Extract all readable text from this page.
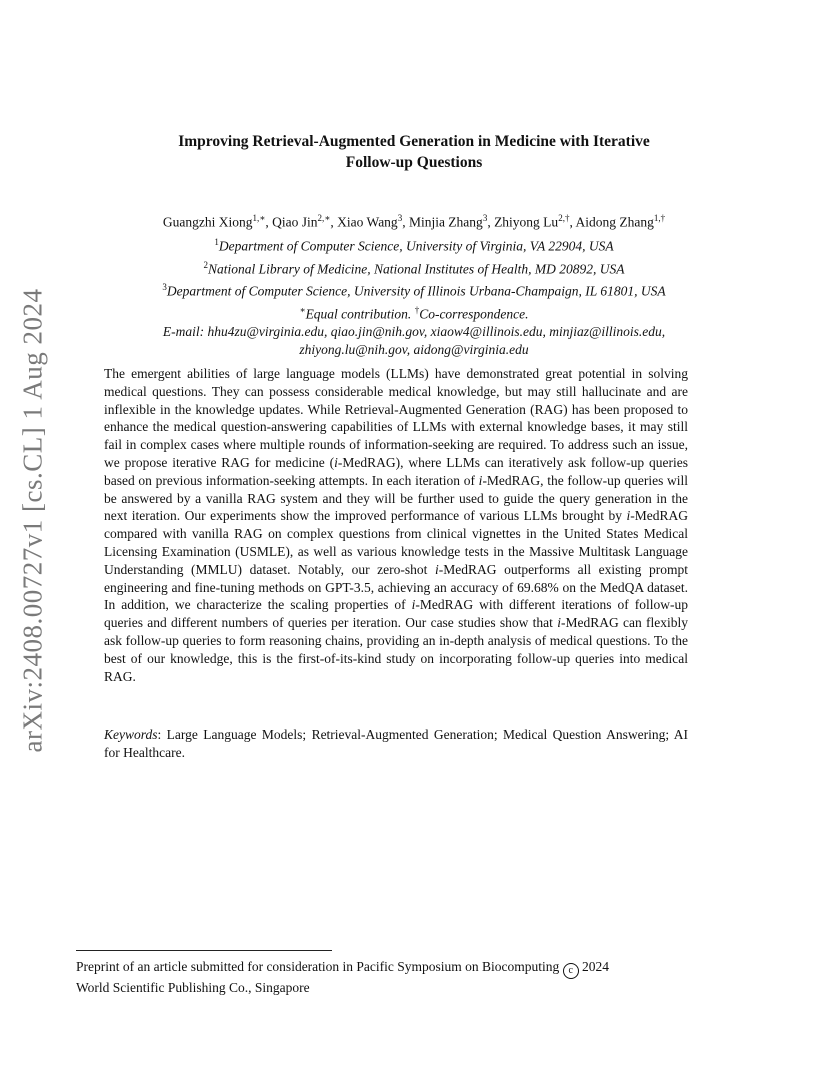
arXiv:2408.00727v1 [cs.CL] 1 Aug 2024
Improving Retrieval-Augmented Generation in Medicine with Iterative
Follow-up Questions
Guangzhi Xiong$^{1,∗}$, Qiao Jin$^{2,∗}$, Xiao Wang$^3$, Minjia Zhang$^3$, Zhiyong $Lu^{2,\dagger}$, Aidong Zhang$^{1,\dagger}$
$^1$Department of Computer Science, University of Virginia, VA 22904, USA
$^2$National Library of Medicine, National Institutes of Health, MD 20892, USA
$^3$Department of Computer Science, University of Illinois Urbana-Champaign, IL 61801, USA
∗Equal contribution. †Co-correspondence.
E-mail: hhu4zu@virginia.edu, qiao.jin@nih.gov, xiaow4@illinois.edu, minjiaz@illinois.edu,
zhiyong.lu@nih.gov, aidong@virginia.edu

The emergent abilities of large language models (LLMs) have demonstrated great potential in solving medical questions. They can possess considerable medical knowledge, but may still hallucinate and are inflexible in the knowledge updates. While Retrieval-Augmented Generation (RAG) has been proposed to enhance the medical question-answering capabilities of LLMs with external knowledge bases, it may still fail in complex cases where multiple rounds of information-seeking are required. To address such an issue, we propose iterative RAG for medicine (i-MedRAG), where LLMs can iteratively ask follow-up queries based on previous information-seeking attempts. In each iteration of i-MedRAG, the follow-up queries will be answered by a vanilla RAG system and they will be further used to guide the query generation in the next iteration. Our experiments show the improved performance of various LLMs brought by i-MedRAG compared with vanilla RAG on complex questions from clinical vignettes in the United States Medical Licensing Examination (USMLE), as well as various knowledge tests in the Massive Multitask Language Understanding (MMLU) dataset. Notably, our zero-shot i-MedRAG outperforms all existing prompt engineering and fine-tuning methods on GPT-3.5, achieving an accuracy of 69.68% on the MedQA dataset. In addition, we characterize the scaling properties of i-MedRAG with different iterations of follow-up queries and different numbers of queries per iteration. Our case studies show that i-MedRAG can flexibly ask follow-up queries to form reasoning chains, providing an in-depth analysis of medical questions. To the best of our knowledge, this is the first-of-its-kind study on incorporating follow-up queries into medical RAG.

Keywords: Large Language Models; Retrieval-Augmented Generation; Medical Question Answering; AI for Healthcare.

Preprint of an article submitted for consideration in Pacific Symposium on Biocomputing c 2024
World Scientific Publishing Co., Singapore
